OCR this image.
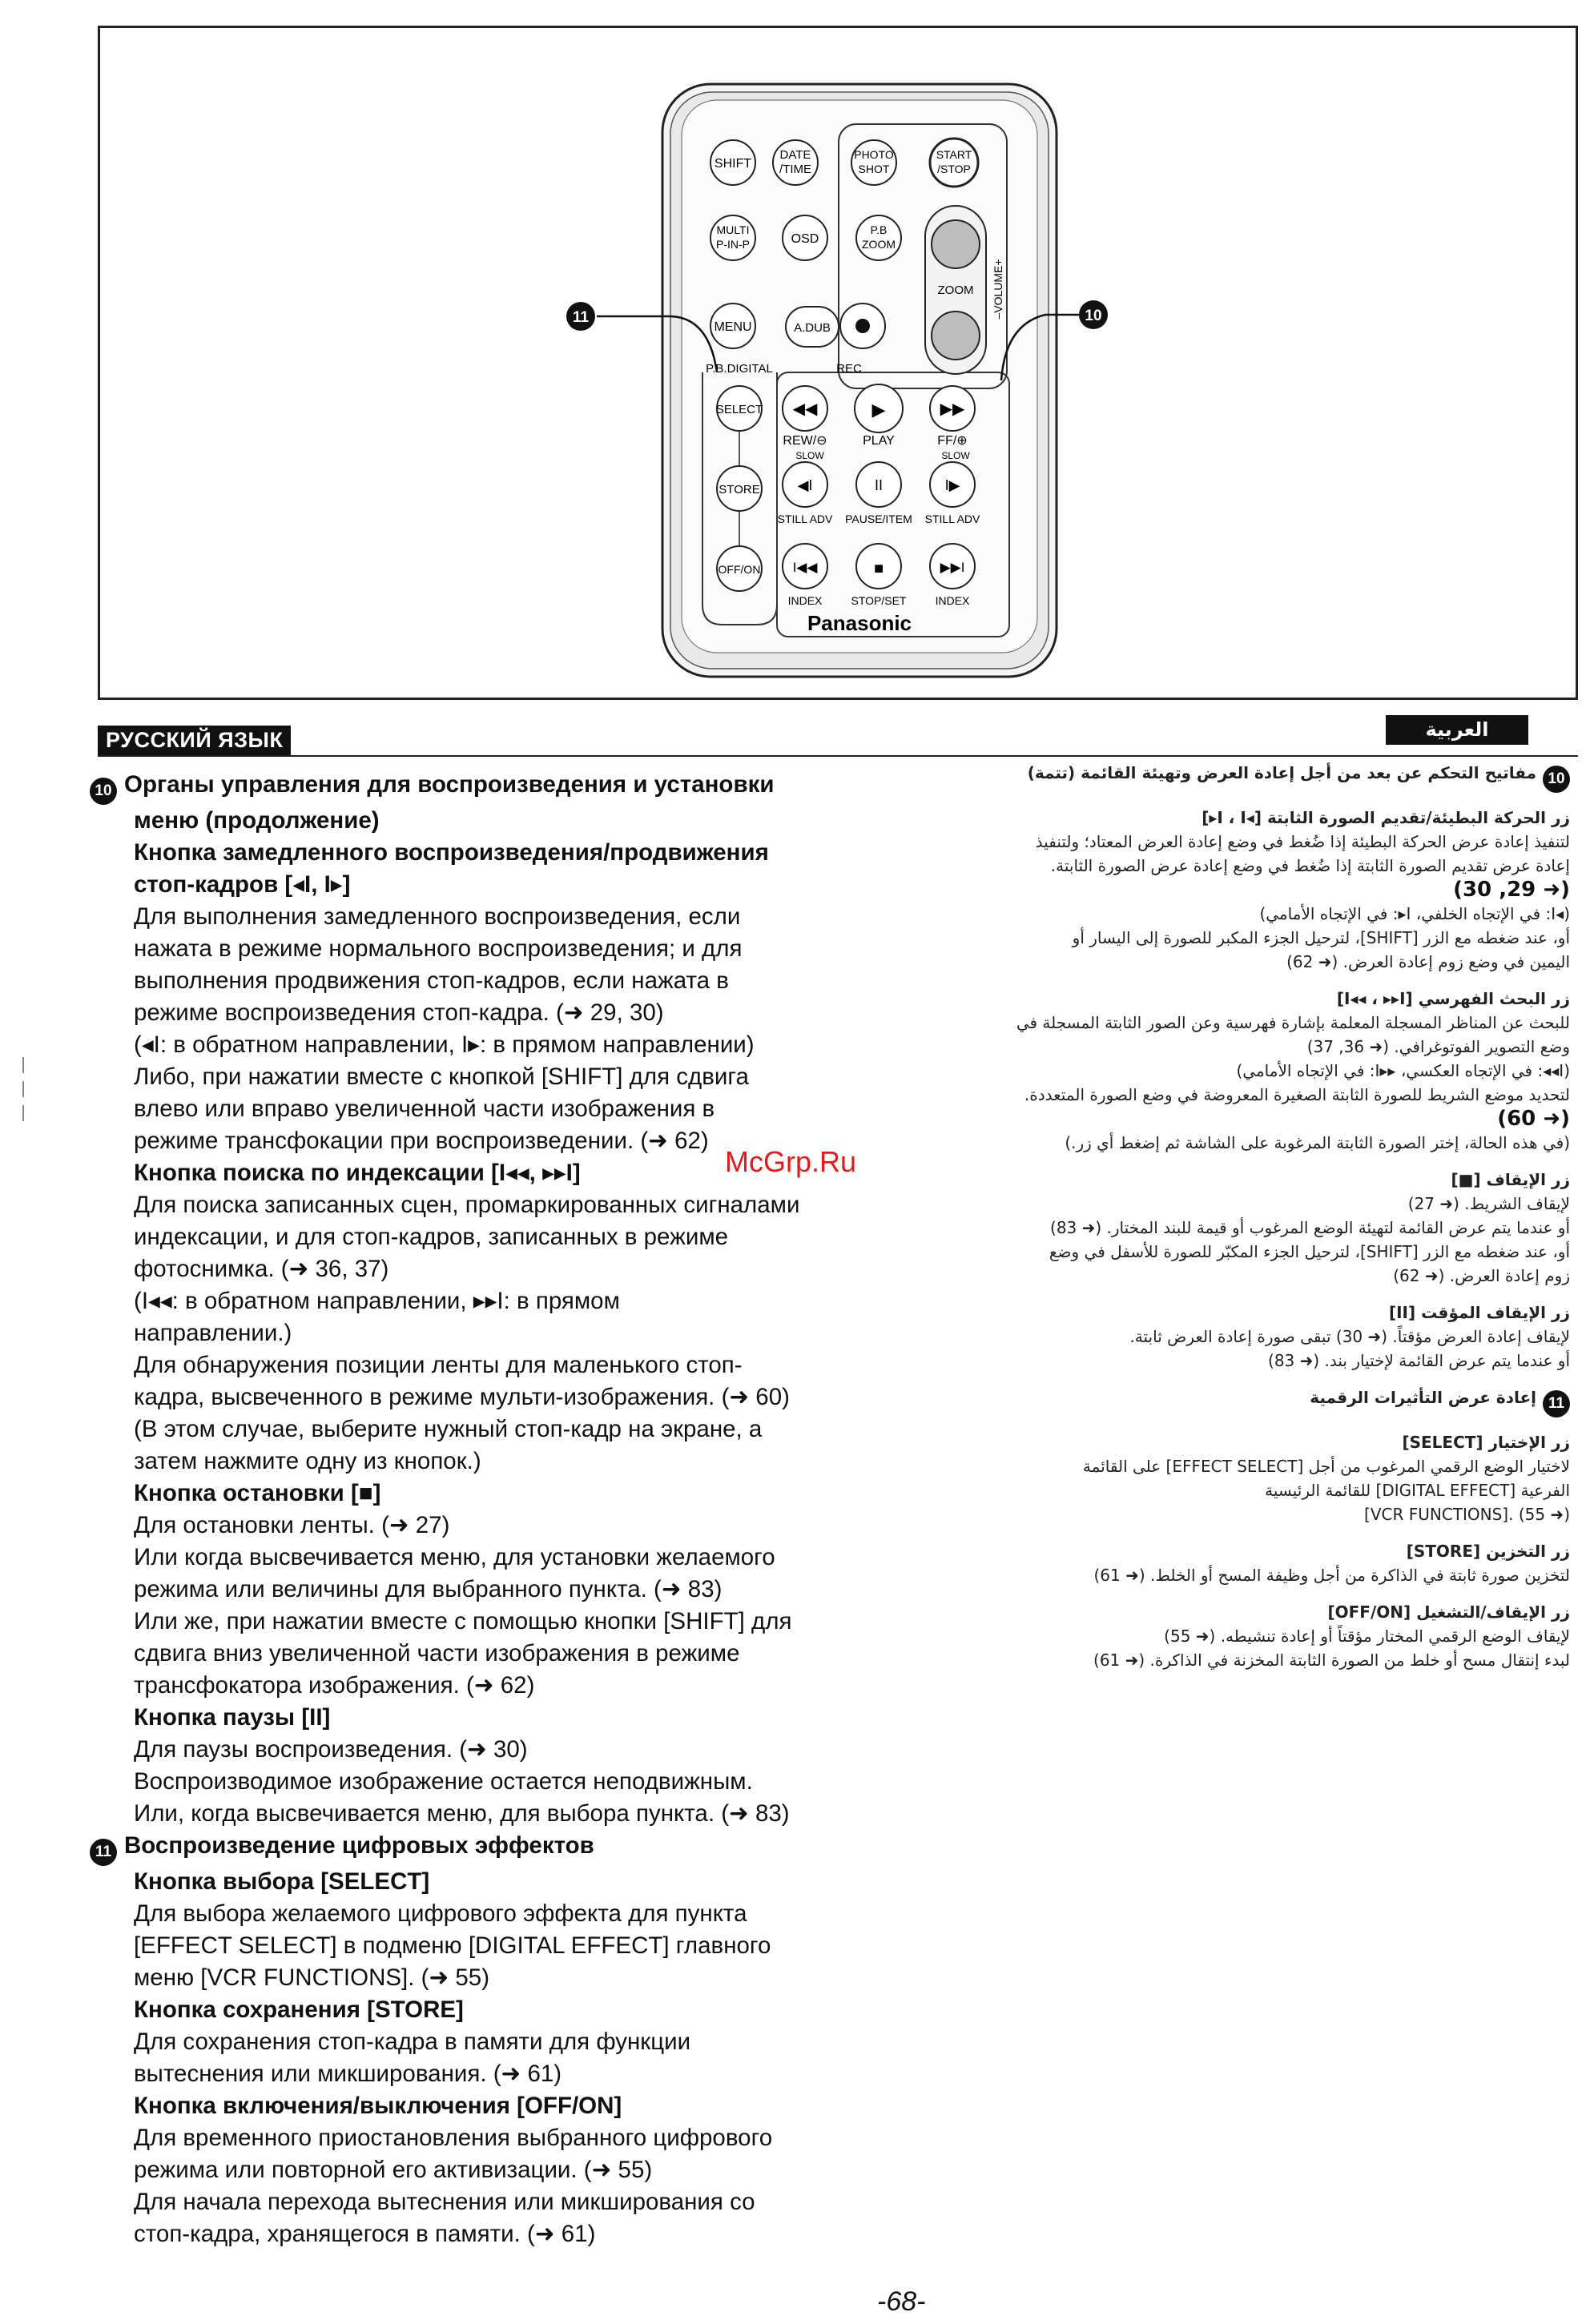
SHIFT
DATE
/TIME
PHOTO
SHOT
START
/STOP
MULTI
P-IN-P	OSD
P.B
ZOOM
ZOOM –VOLUME+
MENU	A.DUB
REC
P.B.DIGITAL
SELECT
STORE
OFF/ON
◀◀	▶	▶▶
REW/⊖	PLAY	FF/⊕
SLOW	SLOW
◀I	II	I▶
STILL ADV PAUSE/ITEM STILL ADV
I◀◀	■	▶▶I
INDEX	STOP/SET	INDEX
Panasonic
11	10
РУССКИЙ ЯЗЫК	العربية
10 Органы управления для воспроизведения и установки
меню (продолжение)
Кнопка замедленного воспроизведения/продвижения
стоп-кадров [◂I, I▸]
Для выполнения замедленного воспроизведения, если
нажата в режиме нормального воспроизведения; и для
выполнения продвижения стоп-кадров, если нажата в
режиме воспроизведения стоп-кадра. (➜ 29, 30)
(◂I: в обратном направлении, I▸: в прямом направлении)
Либо, при нажатии вместе с кнопкой [SHIFT] для сдвига
влево или вправо увеличенной части изображения в
режиме трансфокации при воспроизведении. (➜ 62)
Кнопка поиска по индексации [I◂◂, ▸▸I]
Для поиска записанных сцен, промаркированных сигналами
индексации, и для стоп-кадров, записанных в режиме
фотоснимка. (➜ 36, 37)
(I◂◂: в обратном направлении, ▸▸I: в прямом
направлении.)
Для обнаружения позиции ленты для маленького стоп-
кадра, высвеченного в режиме мульти-изображения. (➜ 60)
(В этом случае, выберите нужный стоп-кадр на экране, а
затем нажмите одну из кнопок.)
Кнопка остановки [■]
Для остановки ленты. (➜ 27)
Или когда высвечивается меню, для установки желаемого
режима или величины для выбранного пункта. (➜ 83)
Или же, при нажатии вместе с помощью кнопки [SHIFT] для
сдвига вниз увеличенной части изображения в режиме
трансфокатора изображения. (➜ 62)
Кнопка паузы [II]
Для паузы воспроизведения. (➜ 30)
Воспроизводимое изображение остается неподвижным.
Или, когда высвечивается меню, для выбора пункта. (➜ 83)
11 Воспроизведение цифровых эффектов
Кнопка выбора [SELECT]
Для выбора желаемого цифрового эффекта для пункта
[EFFECT SELECT] в подменю [DIGITAL EFFECT] главного
меню [VCR FUNCTIONS]. (➜ 55)
Кнопка сохранения [STORE]
Для сохранения стоп-кадра в памяти для функции
вытеснения или микширования. (➜ 61)
Кнопка включения/выключения [OFF/ON]
Для временного приостановления выбранного цифрового
режима или повторной его активизации. (➜ 55)
Для начала перехода вытеснения или микширования со
стоп-кадра, хранящегося в памяти. (➜ 61)

10مفاتيح التحكم عن بعد من أجل إعادة العرض وتهيئة القائمة (تتمة)

زر الحركة البطيئة/تقديم الصورة الثابتة [◂I ، I▸]

لتنفيذ إعادة عرض الحركة البطيئة إذا ضُغط في وضع إعادة العرض المعتاد؛ ولتنفيذ

إعادة عرض تقديم الصورة الثابتة إذا ضُغط في وضع إعادة عرض الصورة الثابتة.

(➜ 29, 30)

(◂I: في الإتجاه الخلفي، I▸: في الإتجاه الأمامي)

أو، عند ضغطه مع الزر [SHIFT]، لترحيل الجزء المكبر للصورة إلى اليسار أو

اليمين في وضع زوم إعادة العرض. (➜ 62)

زر البحث الفهرسي [I◂◂ ، ▸▸I]

للبحث عن المناظر المسجلة المعلمة بإشارة فهرسية وعن الصور الثابتة المسجلة في

وضع التصوير الفوتوغرافي. (➜ 36, 37)

(I◂◂: في الإتجاه العكسي، ▸▸I: في الإتجاه الأمامي)

لتحديد موضع الشريط للصورة الثابتة الصغيرة المعروضة في وضع الصورة المتعددة.

(➜ 60)

(في هذه الحالة، إختر الصورة الثابتة المرغوبة على الشاشة ثم إضغط أي زر.)

زر الإيقاف [■]

لإيقاف الشريط. (➜ 27)

أو عندما يتم عرض القائمة لتهيئة الوضع المرغوب أو قيمة للبند المختار. (➜ 83)

أو، عند ضغطه مع الزر [SHIFT]، لترحيل الجزء المكبّر للصورة للأسفل في وضع

زوم إعادة العرض. (➜ 62)

زر الإيقاف المؤقت [II]

لإيقاف إعادة العرض مؤقتاً. (➜ 30) تبقى صورة إعادة العرض ثابتة.

أو عندما يتم عرض القائمة لإختيار بند. (➜ 83)

11إعادة عرض التأثيرات الرقمية

زر الإختيار [SELECT]

لاختيار الوضع الرقمي المرغوب من أجل [EFFECT SELECT] على القائمة

الفرعية [DIGITAL EFFECT] للقائمة الرئيسية

(➜ 55) .[VCR FUNCTIONS]

زر التخزين [STORE]

لتخزين صورة ثابتة في الذاكرة من أجل وظيفة المسح أو الخلط. (➜ 61)

زر الإيقاف/التشغيل [OFF/ON]

لإيقاف الوضع الرقمي المختار مؤقتاً أو إعادة تنشيطه. (➜ 55)

لبدء إنتقال مسح أو خلط من الصورة الثابتة المخزنة في الذاكرة. (➜ 61)

McGrp.Ru
-68-
